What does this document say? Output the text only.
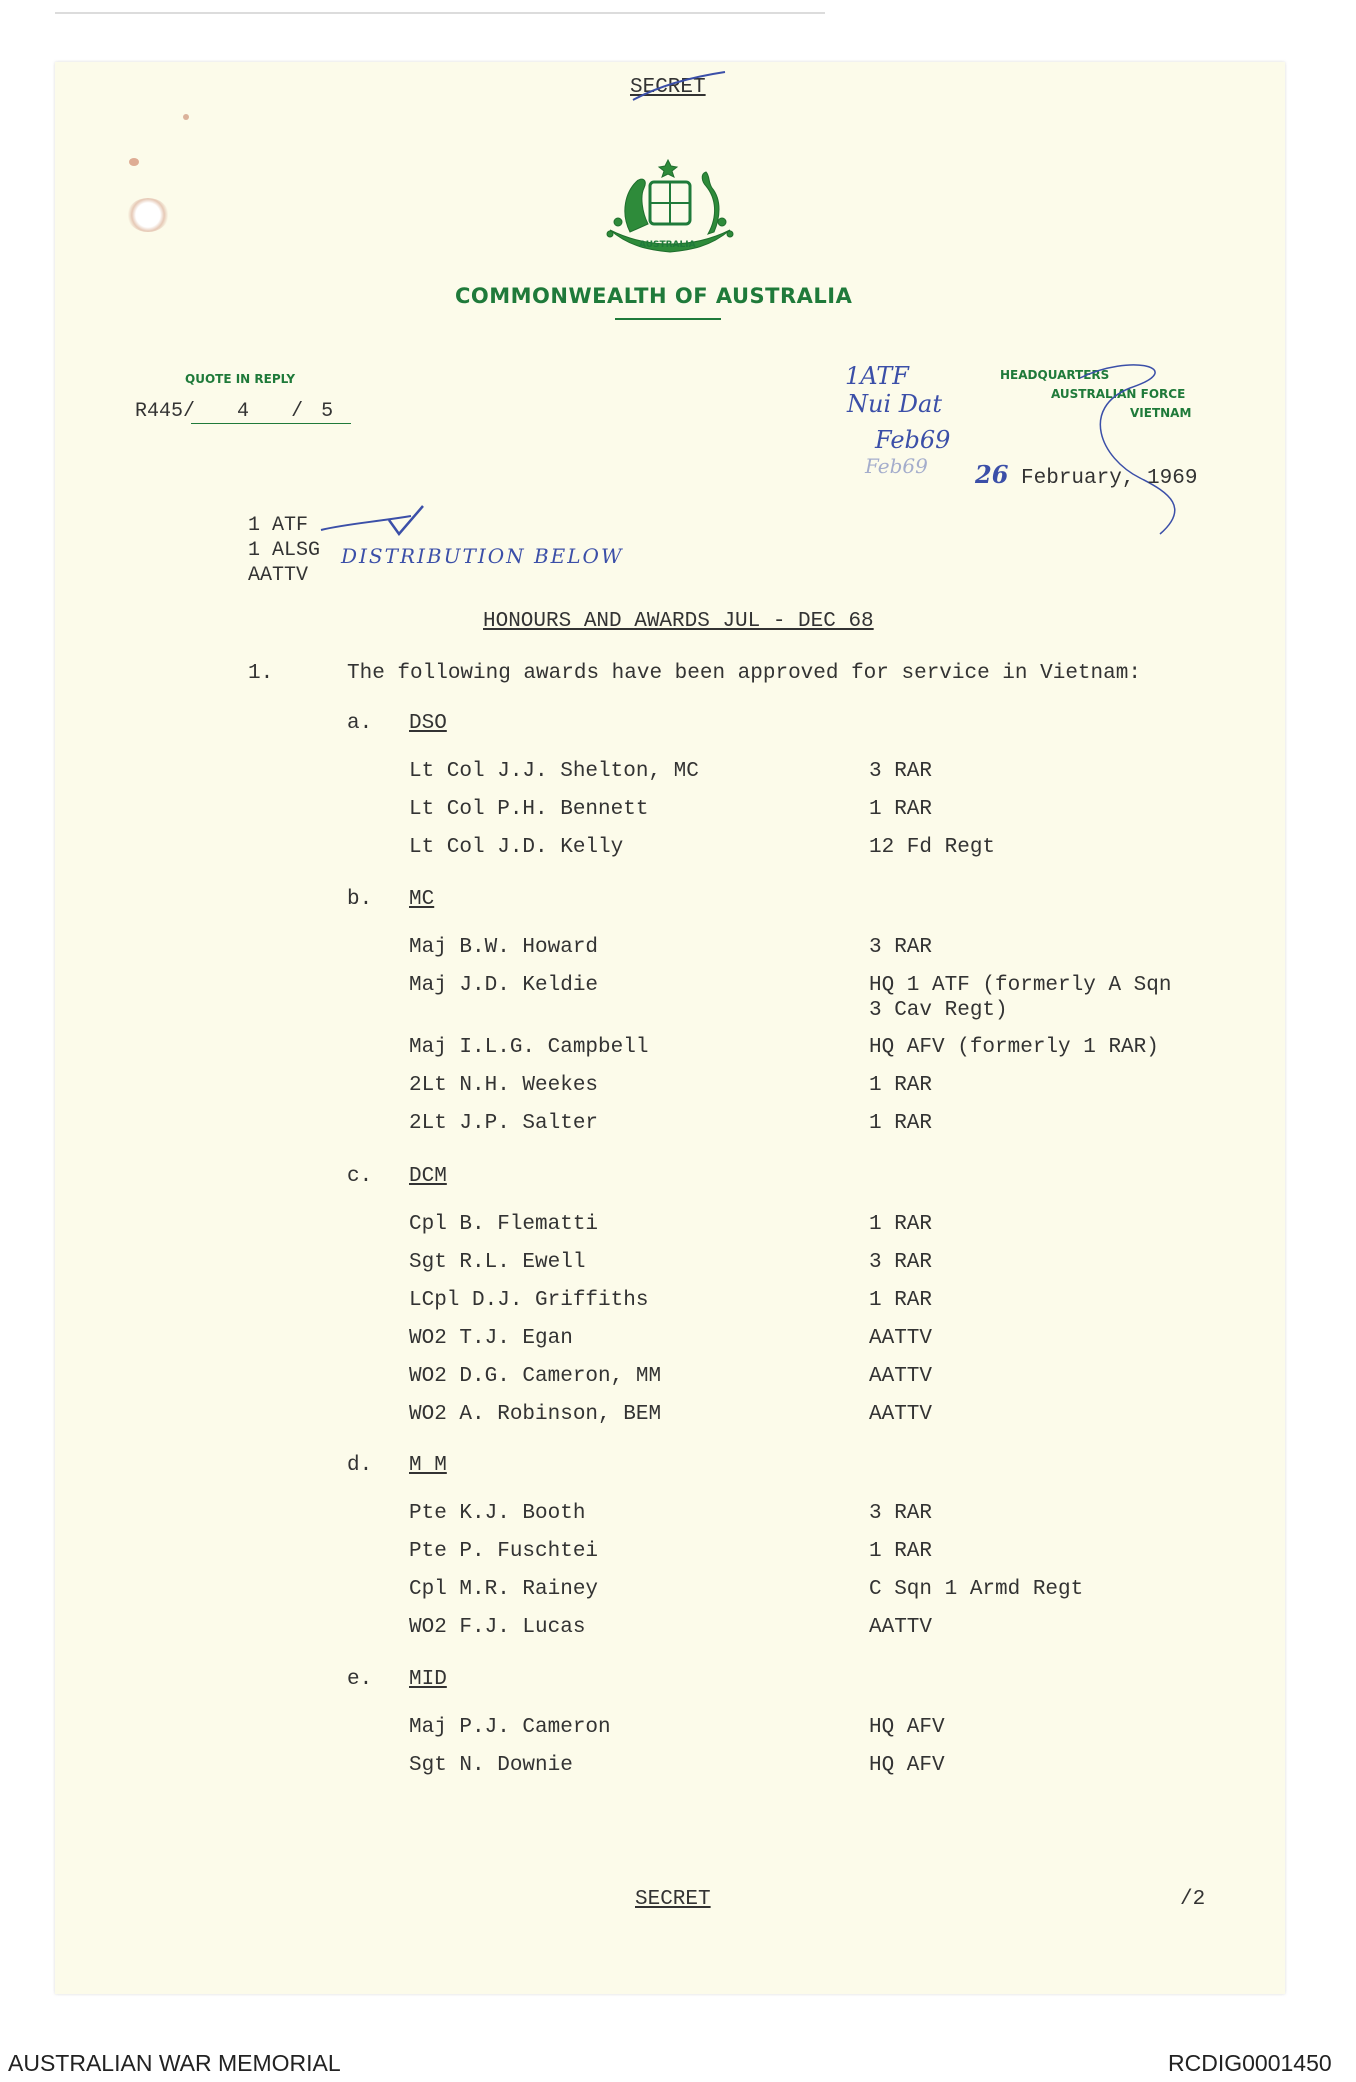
SECRET
AUSTRALIA
COMMONWEALTH OF AUSTRALIA
QUOTE IN REPLY
R445/ 4 / 5
HEADQUARTERS
AUSTRALIAN FORCE
VIETNAM
1ATF
Nui Dat
Feb69
Feb69 26 February, 1969
1 ATF
1 ALSG
AATTV
DISTRIBUTION BELOW
HONOURS AND AWARDS JUL - DEC 68
1.	The following awards have been approved for service in Vietnam:
a. DSO
Lt Col J.J. Shelton, MC	3 RAR
Lt Col P.H. Bennett	1 RAR
Lt Col J.D. Kelly	12 Fd Regt
b. MC
Maj B.W. Howard	3 RAR
Maj J.D. Keldie	HQ 1 ATF (formerly A Sqn
3 Cav Regt)
Maj I.L.G. Campbell	HQ AFV (formerly 1 RAR)
2Lt N.H. Weekes	1 RAR
2Lt J.P. Salter	1 RAR
c. DCM
Cpl B. Flematti	1 RAR
Sgt R.L. Ewell	3 RAR
LCpl D.J. Griffiths	1 RAR
WO2 T.J. Egan	AATTV
WO2 D.G. Cameron, MM	AATTV
WO2 A. Robinson, BEM	AATTV
d. M M
Pte K.J. Booth	3 RAR
Pte P. Fuschtei	1 RAR
Cpl M.R. Rainey	C Sqn 1 Armd Regt
WO2 F.J. Lucas	AATTV
e. MID
Maj P.J. Cameron	HQ AFV
Sgt N. Downie	HQ AFV
SECRET	/2
AUSTRALIAN WAR MEMORIAL	RCDIG0001450
